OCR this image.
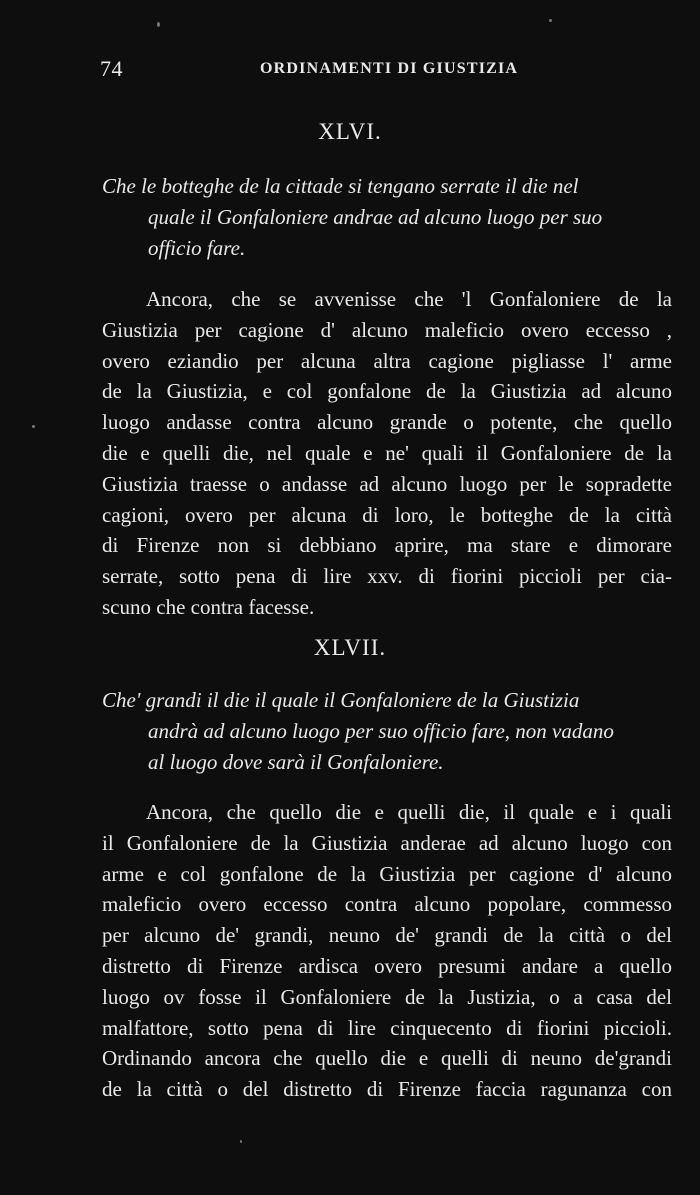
74	ORDINAMENTI DI GIUSTIZIA
XLVI.
Che le botteghe de la cittade si tengano serrate il die nel
quale il Gonfaloniere andrae ad alcuno luogo per suo
officio fare.
Ancora, che se avvenisse che 'l Gonfaloniere de la
Giustizia per cagione d' alcuno maleficio overo eccesso ,
overo eziandio per alcuna altra cagione pigliasse l' arme
de la Giustizia, e col gonfalone de la Giustizia ad alcuno
luogo andasse contra alcuno grande o potente, che quello
die e quelli die, nel quale e ne' quali il Gonfaloniere de la
Giustizia traesse o andasse ad alcuno luogo per le sopradette
cagioni, overo per alcuna di loro, le botteghe de la città
di Firenze non si debbiano aprire, ma stare e dimorare
serrate, sotto pena di lire xxv. di fiorini piccioli per cia-
scuno che contra facesse.
XLVII.
Che' grandi il die il quale il Gonfaloniere de la Giustizia
andrà ad alcuno luogo per suo officio fare, non vadano
al luogo dove sarà il Gonfaloniere.
Ancora, che quello die e quelli die, il quale e i quali
il Gonfaloniere de la Giustizia anderae ad alcuno luogo con
arme e col gonfalone de la Giustizia per cagione d' alcuno
maleficio overo eccesso contra alcuno popolare, commesso
per alcuno de' grandi, neuno de' grandi de la città o del
distretto di Firenze ardisca overo presumi andare a quello
luogo ov fosse il Gonfaloniere de la Justizia, o a casa del
malfattore, sotto pena di lire cinquecento di fiorini piccioli.
Ordinando ancora che quello die e quelli di neuno de'grandi
de la città o del distretto di Firenze faccia ragunanza con
